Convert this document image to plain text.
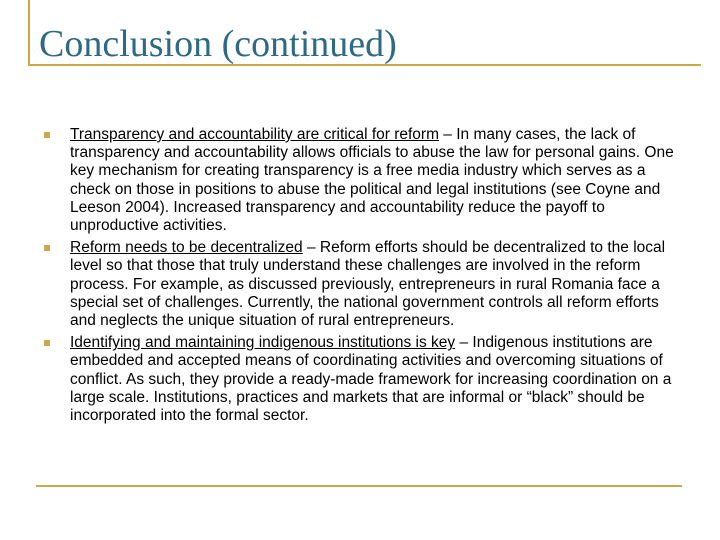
Conclusion (continued)
Transparency and accountability are critical for reform – In many cases, the lack of transparency and accountability allows officials to abuse the law for personal gains. One key mechanism for creating transparency is a free media industry which serves as a check on those in positions to abuse the political and legal institutions (see Coyne and Leeson 2004). Increased transparency and accountability reduce the payoff to unproductive activities.
Reform needs to be decentralized – Reform efforts should be decentralized to the local level so that those that truly understand these challenges are involved in the reform process. For example, as discussed previously, entrepreneurs in rural Romania face a special set of challenges. Currently, the national government controls all reform efforts and neglects the unique situation of rural entrepreneurs.
Identifying and maintaining indigenous institutions is key – Indigenous institutions are embedded and accepted means of coordinating activities and overcoming situations of conflict. As such, they provide a ready-made framework for increasing coordination on a large scale. Institutions, practices and markets that are informal or “black” should be incorporated into the formal sector.
